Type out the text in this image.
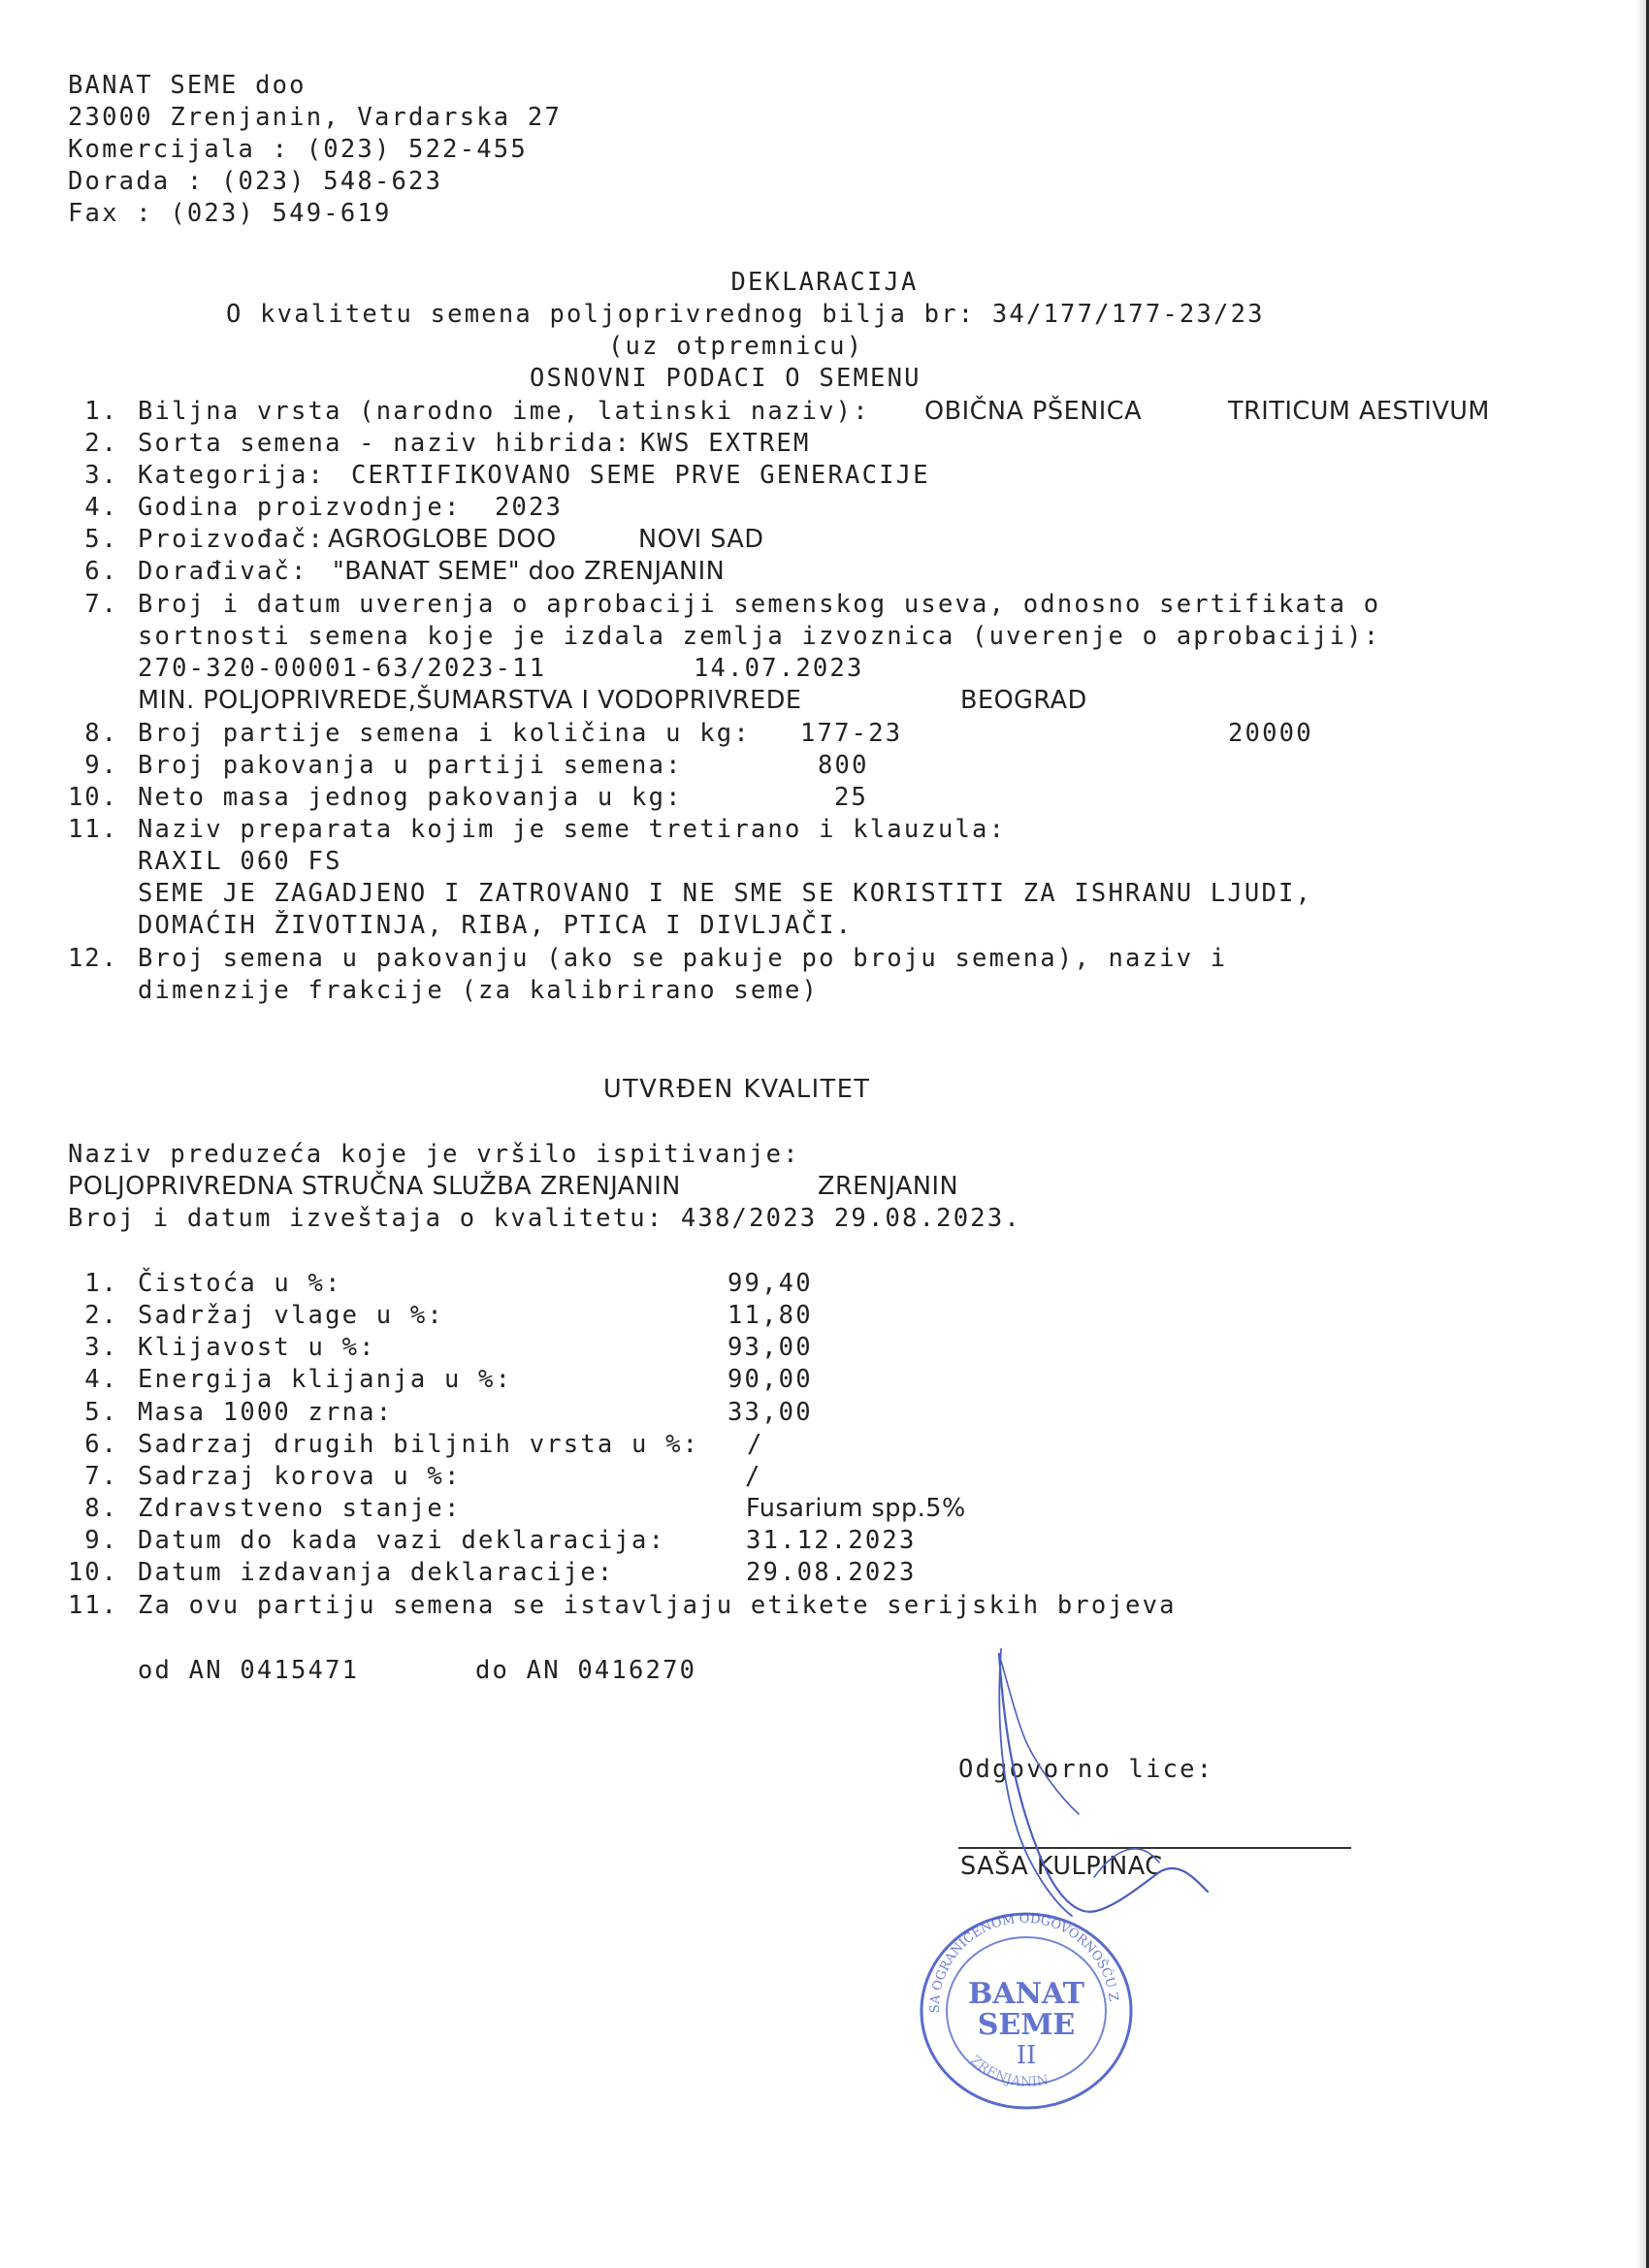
BANAT SEME doo
23000 Zrenjanin, Vardarska 27
Komercijala : (023) 522-455
Dorada : (023) 548-623
Fax : (023) 549-619
DEKLARACIJA
O kvalitetu semena poljoprivrednog bilja br: 34/177/177-23/23
(uz otpremnicu)
OSNOVNI PODACI O SEMENU
1. Biljna vrsta (narodno ime, latinski naziv): OBIČNA PŠENICA	TRITICUM AESTIVUM
2. Sorta semena - naziv hibrida: KWS EXTREM
3. Kategorija: CERTIFIKOVANO SEME PRVE GENERACIJE
4. Godina proizvodnje: 2023
5. Proizvođač: AGROGLOBE DOO	NOVI SAD
6. Dorađivač: "BANAT SEME" doo ZRENJANIN
7. Broj i datum uverenja o aprobaciji semenskog useva, odnosno sertifikata o
sortnosti semena koje je izdala zemlja izvoznica (uverenje o aprobaciji):
270-320-00001-63/2023-11	14.07.2023
MIN. POLJOPRIVREDE,ŠUMARSTVA I VODOPRIVREDE	BEOGRAD
8. Broj partije semena i količina u kg: 177-23	20000
9. Broj pakovanja u partiji semena:	800
10. Neto masa jednog pakovanja u kg:	25
11. Naziv preparata kojim je seme tretirano i klauzula:
RAXIL 060 FS
SEME JE ZAGADJENO I ZATROVANO I NE SME SE KORISTITI ZA ISHRANU LJUDI,
DOMAĆIH ŽIVOTINJA, RIBA, PTICA I DIVLJAČI.
12. Broj semena u pakovanju (ako se pakuje po broju semena), naziv i
dimenzije frakcije (za kalibrirano seme)
UTVRĐEN KVALITET
Naziv preduzeća koje je vršilo ispitivanje:
POLJOPRIVREDNA STRUČNA SLUŽBA ZRENJANIN	ZRENJANIN
Broj i datum izveštaja o kvalitetu: 438/2023 29.08.2023.
1. Čistoća u %:	99,40
2. Sadržaj vlage u %:	11,80
3. Klijavost u %:	93,00
4. Energija klijanja u %:	90,00
5. Masa 1000 zrna:	33,00
6. Sadrzaj drugih biljnih vrsta u %: /
7. Sadrzaj korova u %:	/
8. Zdravstveno stanje:	Fusarium spp.5%
9. Datum do kada vazi deklaracija:	31.12.2023
10. Datum izdavanja deklaracije:	29.08.2023
11. Za ovu partiju semena se istavljaju etikete serijskih brojeva
od AN 0415471	do AN 0416270
Odgovorno lice:
SAŠA KULPINAC
SA OGRANIČENOM ODGOVORNOŠĆU ZA PROMET
BANAT
SEME
II
ZRENJANIN
